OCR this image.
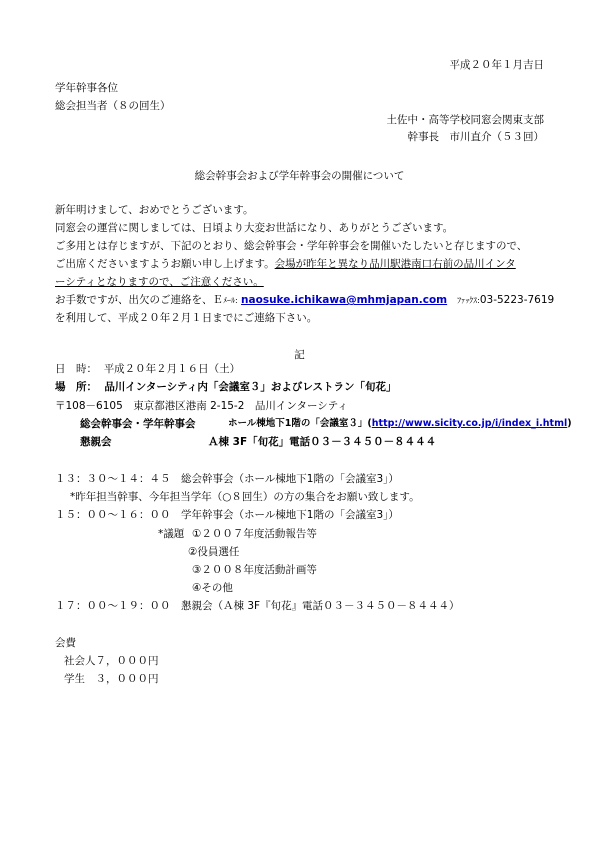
平成２０年１月吉日
学年幹事各位
総会担当者（８の回生）
土佐中・高等学校同窓会関東支部
幹事長　 市川直介（５３回）
総会幹事会および学年幹事会の開催について
新年明けまして、おめでとうございます。
同窓会の運営に関しましては、日頃より大変お世話になり、ありがとうございます。
ご多用とは存じますが、下記のとおり、総会幹事会・学年幹事会を開催いたしたいと存じますので、
ご出席くださいますようお願い申し上げます。会場が昨年と異なり品川駅港南口右前の品川インタ
ーシティとなりますので、ご注意ください。
お手数ですが、出欠のご連絡を、Ｅﾒｰﾙ: naosuke.ichikawa@mhmjapan.com ﾌｧｯｸｽ:03-5223-7619
を利用して、平成２０年２月１日までにご連絡下さい。
記
日　時： 平成２０年２月１６日（土）
場　所： 品川インターシティ内「会議室３」およびレストラン「旬花」
〒108－6105　東京都港区港南 2-15-2　品川インターシティ
総会幹事会・学年幹事会	ホール棟地下1階の「会議室３」(http://www.sicity.co.jp/i/index_i.html)
懇親会	Ａ棟 3F「旬花」電話０３－３４５０－８４４４
１３：３０～１４：４５　総会幹事会（ホール棟地下1階の「会議室3」）
*昨年担当幹事、今年担当学年（○８回生）の方の集合をお願い致します。
１５：００～１６：００　学年幹事会（ホール棟地下1階の「会議室3」）
*議題 ①２００７年度活動報告等
②役員選任
③２００８年度活動計画等
④その他
１７：００～１９：００　懇親会（Ａ棟 3F『旬花』電話０３－３４５０－８４４４）
会費
社会人７，０００円
学生　３，０００円
